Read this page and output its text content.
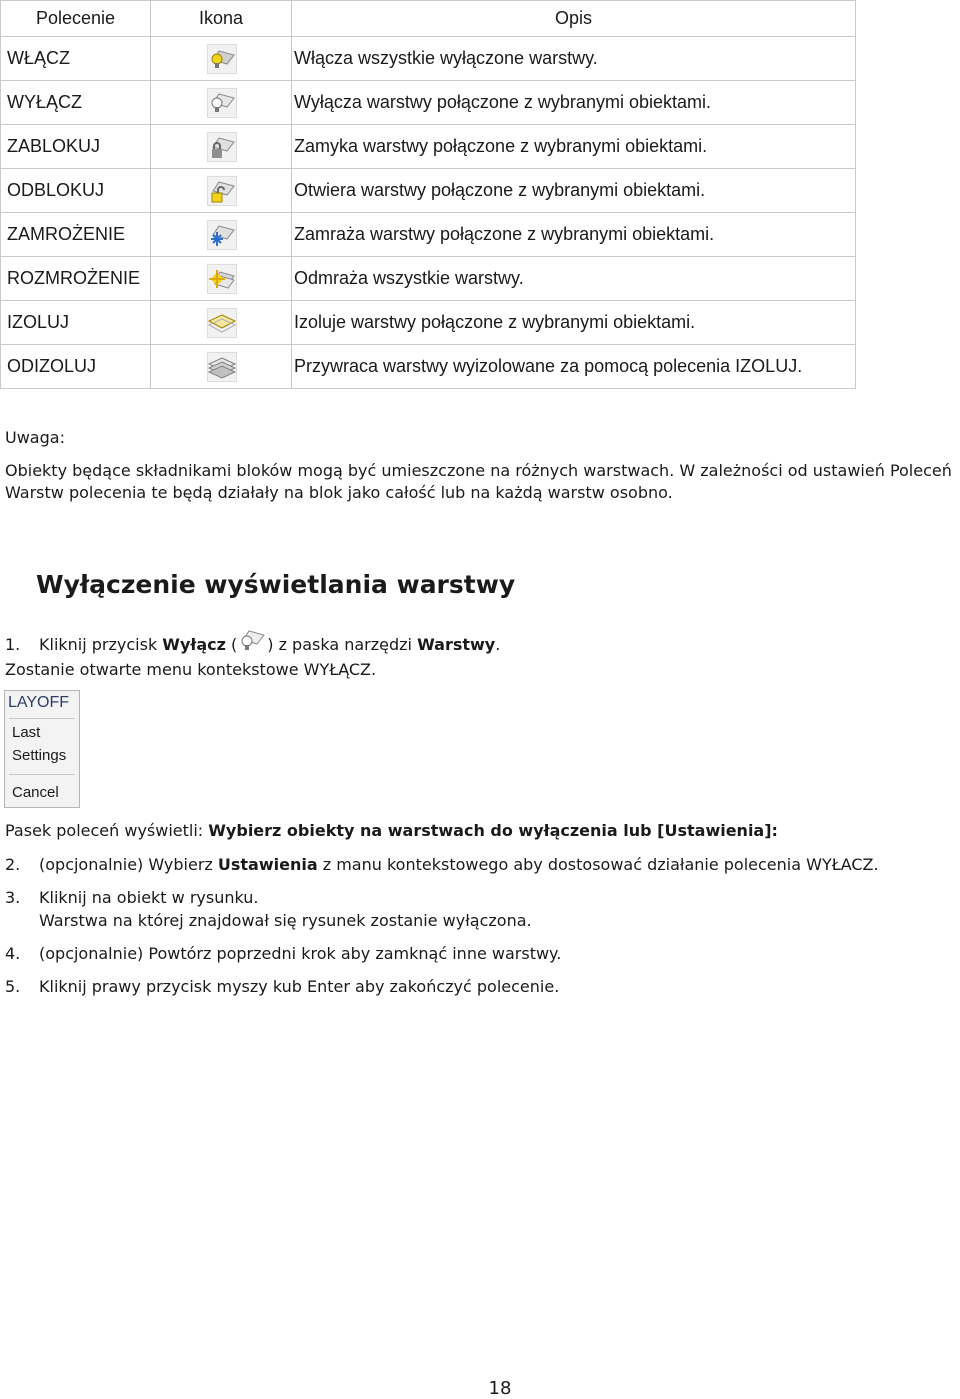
Polecenie	Ikona	Opis
WŁĄCZ		Włącza wszystkie wyłączone warstwy.
WYŁĄCZ		Wyłącza warstwy połączone z wybranymi obiektami.
ZABLOKUJ		Zamyka warstwy połączone z wybranymi obiektami.
ODBLOKUJ		Otwiera warstwy połączone z wybranymi obiektami.
ZAMROŻENIE		Zamraża warstwy połączone z wybranymi obiektami.
ROZMROŻENIE		Odmraża wszystkie warstwy.
IZOLUJ		Izoluje warstwy połączone z wybranymi obiektami.
ODIZOLUJ		Przywraca warstwy wyizolowane za pomocą polecenia IZOLUJ.
Uwaga:
Obiekty będące składnikami bloków mogą być umieszczone na różnych warstwach. W zależności od ustawień Poleceń
Warstw polecenia te będą działały na blok jako całość lub na każdą warstw osobno.
Wyłączenie wyświetlania warstwy
1. Kliknij przycisk Wyłącz ( ) z paska narzędzi Warstwy.
Zostanie otwarte menu kontekstowe WYŁĄCZ.
LAYOFF
Last
Settings
Cancel
Pasek poleceń wyświetli: Wybierz obiekty na warstwach do wyłączenia lub [Ustawienia]:
2. (opcjonalnie) Wybierz Ustawienia z manu kontekstowego aby dostosować działanie polecenia WYŁACZ.
3. Kliknij na obiekt w rysunku.
Warstwa na której znajdował się rysunek zostanie wyłączona.
4. (opcjonalnie) Powtórz poprzedni krok aby zamknąć inne warstwy.
5. Kliknij prawy przycisk myszy kub Enter aby zakończyć polecenie.
18
